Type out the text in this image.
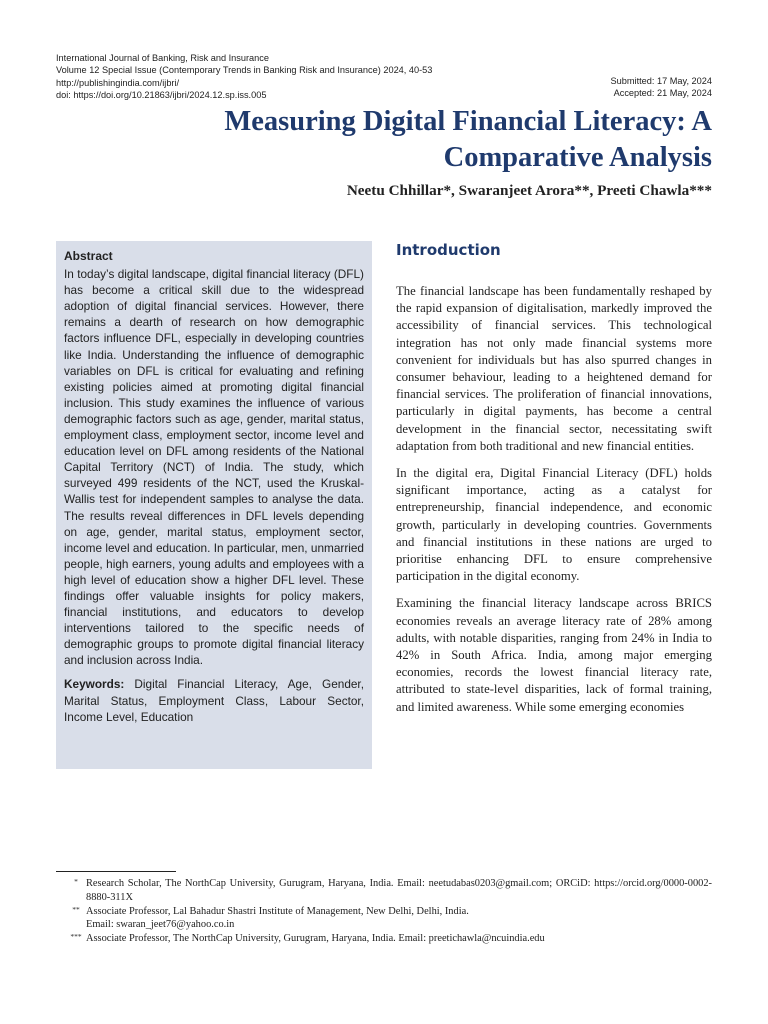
International Journal of Banking, Risk and Insurance
Volume 12 Special Issue (Contemporary Trends in Banking Risk and Insurance) 2024, 40-53
http://publishingindia.com/ijbri/
doi: https://doi.org/10.21863/ijbri/2024.12.sp.iss.005
Submitted: 17 May, 2024
Accepted: 21 May, 2024
Measuring Digital Financial Literacy: A Comparative Analysis
Neetu Chhillar*, Swaranjeet Arora**, Preeti Chawla***
Abstract
In today’s digital landscape, digital financial literacy (DFL) has become a critical skill due to the widespread adoption of digital financial services. However, there remains a dearth of research on how demographic factors influence DFL, especially in developing countries like India. Understanding the influence of demographic variables on DFL is critical for evaluating and refining existing policies aimed at promoting digital financial inclusion. This study examines the influence of various demographic factors such as age, gender, marital status, employment class, employment sector, income level and education level on DFL among residents of the National Capital Territory (NCT) of India. The study, which surveyed 499 residents of the NCT, used the Kruskal-Wallis test for independent samples to analyse the data. The results reveal differences in DFL levels depending on age, gender, marital status, employment sector, income level and education. In particular, men, unmarried people, high earners, young adults and employees with a high level of education show a higher DFL level. These findings offer valuable insights for policy makers, financial institutions, and educators to develop interventions tailored to the specific needs of demographic groups to promote digital financial literacy and inclusion across India.
Keywords: Digital Financial Literacy, Age, Gender, Marital Status, Employment Class, Labour Sector, Income Level, Education
Introduction

The financial landscape has been fundamentally reshaped by the rapid expansion of digitalisation, markedly improved the accessibility of financial services. This technological integration has not only made financial systems more convenient for individuals but has also spurred changes in consumer behaviour, leading to a heightened demand for financial services. The proliferation of financial innovations, particularly in digital payments, has become a central development in the financial sector, necessitating swift adaptation from both traditional and new financial entities.

In the digital era, Digital Financial Literacy (DFL) holds significant importance, acting as a catalyst for entrepreneurship, financial independence, and economic growth, particularly in developing countries. Governments and financial institutions in these nations are urged to prioritise enhancing DFL to ensure comprehensive participation in the digital economy.

Examining the financial literacy landscape across BRICS economies reveals an average literacy rate of 28% among adults, with notable disparities, ranging from 24% in India to 42% in South Africa. India, among major emerging economies, records the lowest financial literacy rate, attributed to state-level disparities, lack of formal training, and limited awareness. While some emerging economies

* Research Scholar, The NorthCap University, Gurugram, Haryana, India. Email: neetudabas0203@gmail.com; ORCiD: https://orcid.org/0000-0002-8880-311X
** Associate Professor, Lal Bahadur Shastri Institute of Management, New Delhi, Delhi, India.
Email: swaran_jeet76@yahoo.co.in
*** Associate Professor, The NorthCap University, Gurugram, Haryana, India. Email: preetichawla@ncuindia.edu
